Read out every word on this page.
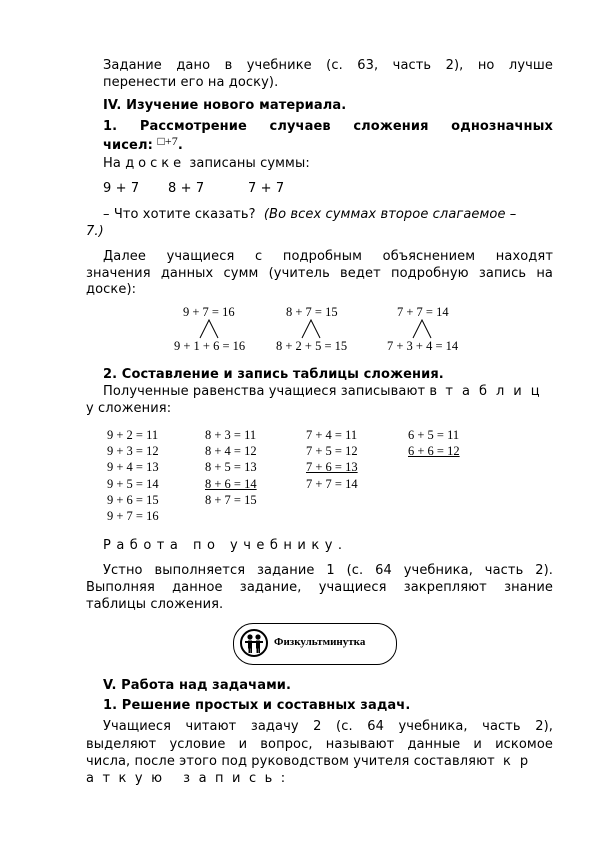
Задание дано в учебнике (с. 63, часть 2), но лучше
перенести его на доску).
IV. Изучение нового материала.
1. Рассмотрение случаев сложения однозначных
чисел: □+7.
На доске записаны суммы:
9 + 7 8 + 7	7 + 7
– Что хотите сказать? (Во всех суммах второе слагаемое –
7.)
Далее учащиеся с подробным объяснением находят
значения данных сумм (учитель ведет подробную запись на
доске):
9 + 7 = 16
9 + 1 + 6 = 16
8 + 7 = 15
8 + 2 + 5 = 15
7 + 7 = 14
7 + 3 + 4 = 14
2. Составление и запись таблицы сложения.
Полученные равенства учащиеся записывают в таблиц
у сложения:
9 + 2 = 11
9 + 3 = 12
9 + 4 = 13
9 + 5 = 14
9 + 6 = 15
9 + 7 = 16
8 + 3 = 11
8 + 4 = 12
8 + 5 = 13
8 + 6 = 14
8 + 7 = 15
7 + 4 = 11
7 + 5 = 12
7 + 6 = 13
7 + 7 = 14
6 + 5 = 11
6 + 6 = 12
Работа по учебнику.
Устно выполняется задание 1 (с. 64 учебника, часть 2).
Выполняя данное задание, учащиеся закрепляют знание
таблицы сложения.
Физкультминутка
V. Работа над задачами.
1. Решение простых и составных задач.
Учащиеся читают задачу 2 (с. 64 учебника, часть 2),
выделяют условие и вопрос, называют данные и искомое
числа, после этого под руководством учителя составляют кр
аткую запись:
